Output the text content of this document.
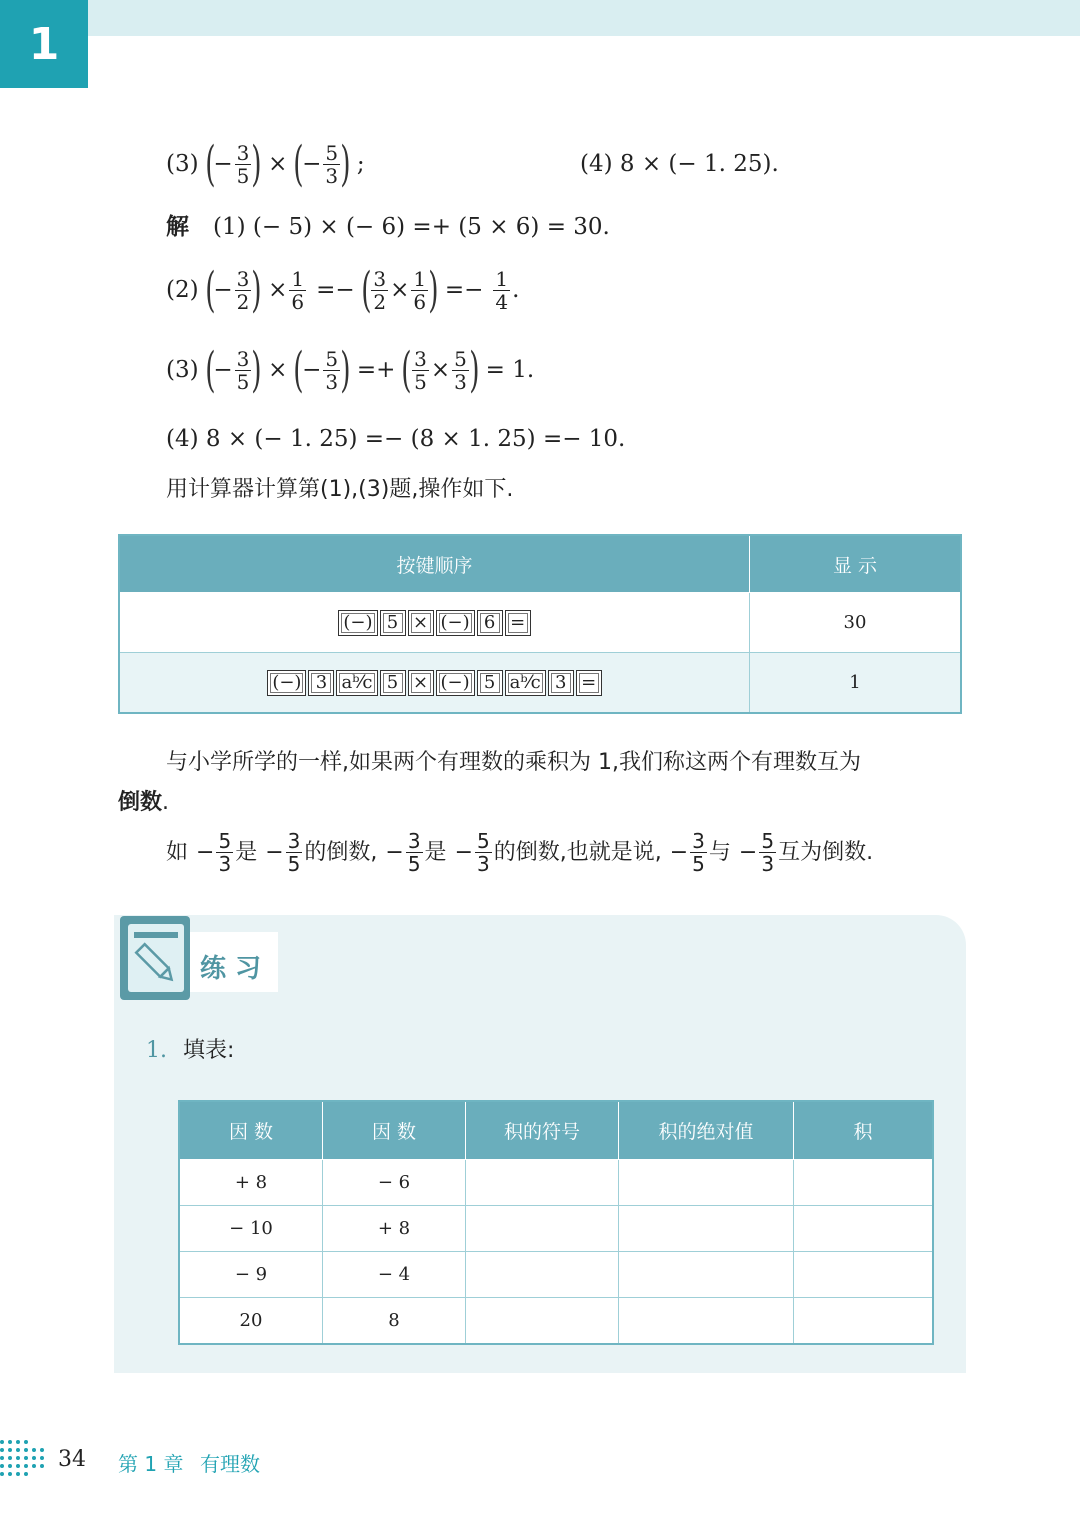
1
(3) (
− $\frac{3}{5}$ ) × (
− $\frac{5}{3}$ ) ;	(4) 8 × (− 1. 25).
解 (1) (− 5) × (− 6) =+ (5 × 6) = 30.
(2) (
− $\frac{3}{2}$ ) × $\frac{1}{6}$ =− ( $\frac{3}{2} \times \frac{1}{6}$ ) =− $\frac{1}{4}$ .
(3) (
− $\frac{3}{5}$ ) × (
− $\frac{5}{3}$ ) =+ ( $\frac{3}{5} \times \frac{5}{3}$ ) = 1.
(4) 8 × (− 1. 25) =− (8 × 1. 25) =− 10.
用计算器计算第(1),(3)题,操作如下.
按键顺序	显 示
(−) 5 × (−) 6 =	30
(−) 3 aᵇ⁄c 5 × (−) 5 aᵇ⁄c 3 =	1
与小学所学的一样,如果两个有理数的乘积为 1,我们称这两个有理数互为
倒数 .
如 − $\frac{5}{3}$ 是 − $\frac{3}{5}$ 的倒数, − $\frac{3}{5}$ 是 − $\frac{5}{3}$ 的倒数,也就是说, − $\frac{3}{5}$ 与 − $\frac{5}{3}$ 互为倒数.
练 习
1. 填表:
因 数	因 数	积的符号	积的绝对值	积
+ 8	− 6			
− 10	+ 8			
− 9	− 4			
20	8			
34 第 1 章 有理数
